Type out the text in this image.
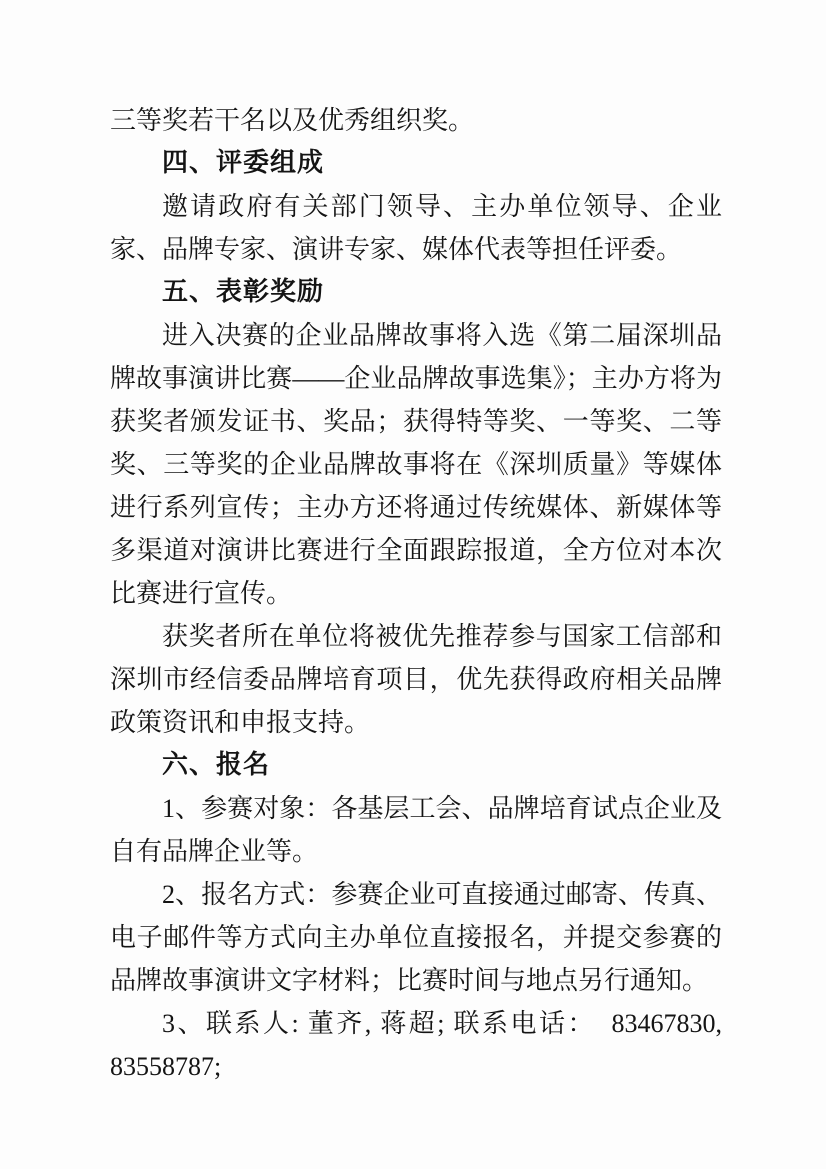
三等奖若干名以及优秀组织奖。

四、评委组成

邀请政府有关部门领导、主办单位领导、企业家、品牌专家、演讲专家、媒体代表等担任评委。

五、表彰奖励

进入决赛的企业品牌故事将入选《第二届深圳品牌故事演讲比赛——企业品牌故事选集》；主办方将为获奖者颁发证书、奖品；获得特等奖、一等奖、二等奖、三等奖的企业品牌故事将在《深圳质量》等媒体进行系列宣传；主办方还将通过传统媒体、新媒体等多渠道对演讲比赛进行全面跟踪报道，全方位对本次比赛进行宣传。

获奖者所在单位将被优先推荐参与国家工信部和深圳市经信委品牌培育项目，优先获得政府相关品牌政策资讯和申报支持。

六、报名

1、参赛对象：各基层工会、品牌培育试点企业及自有品牌企业等。

2、报名方式：参赛企业可直接通过邮寄、传真、电子邮件等方式向主办单位直接报名，并提交参赛的品牌故事演讲文字材料；比赛时间与地点另行通知。

3、联系人: 董齐, 蒋超; 联系电话：　83467830, 83558787;
